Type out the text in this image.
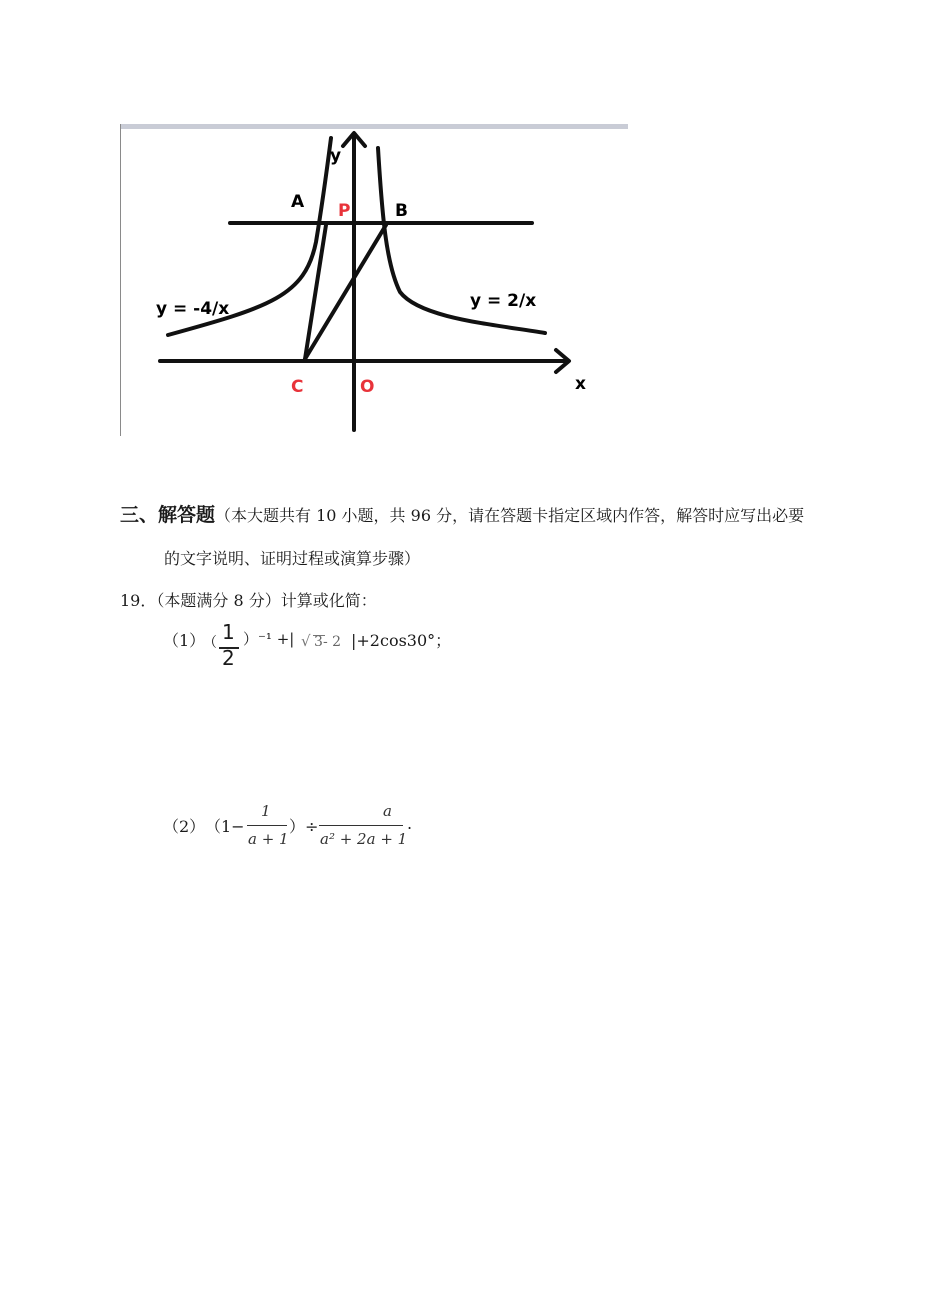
y
x
A P	B
C	O
y = -4/x	y = 2/x
三、解答题（本大题共有 10 小题，共 96 分，请在答题卡指定区域内作答，解答时应写出必要
的文字说明、证明过程或演算步骤）
19．（本题满分 8 分）计算或化简：
（1）
（ 1
2
）⁻¹ +| √ 3 - 2 |+2cos30°；
（2） （1−
1
a + 1
）÷
a
a² + 2a + 1
.
